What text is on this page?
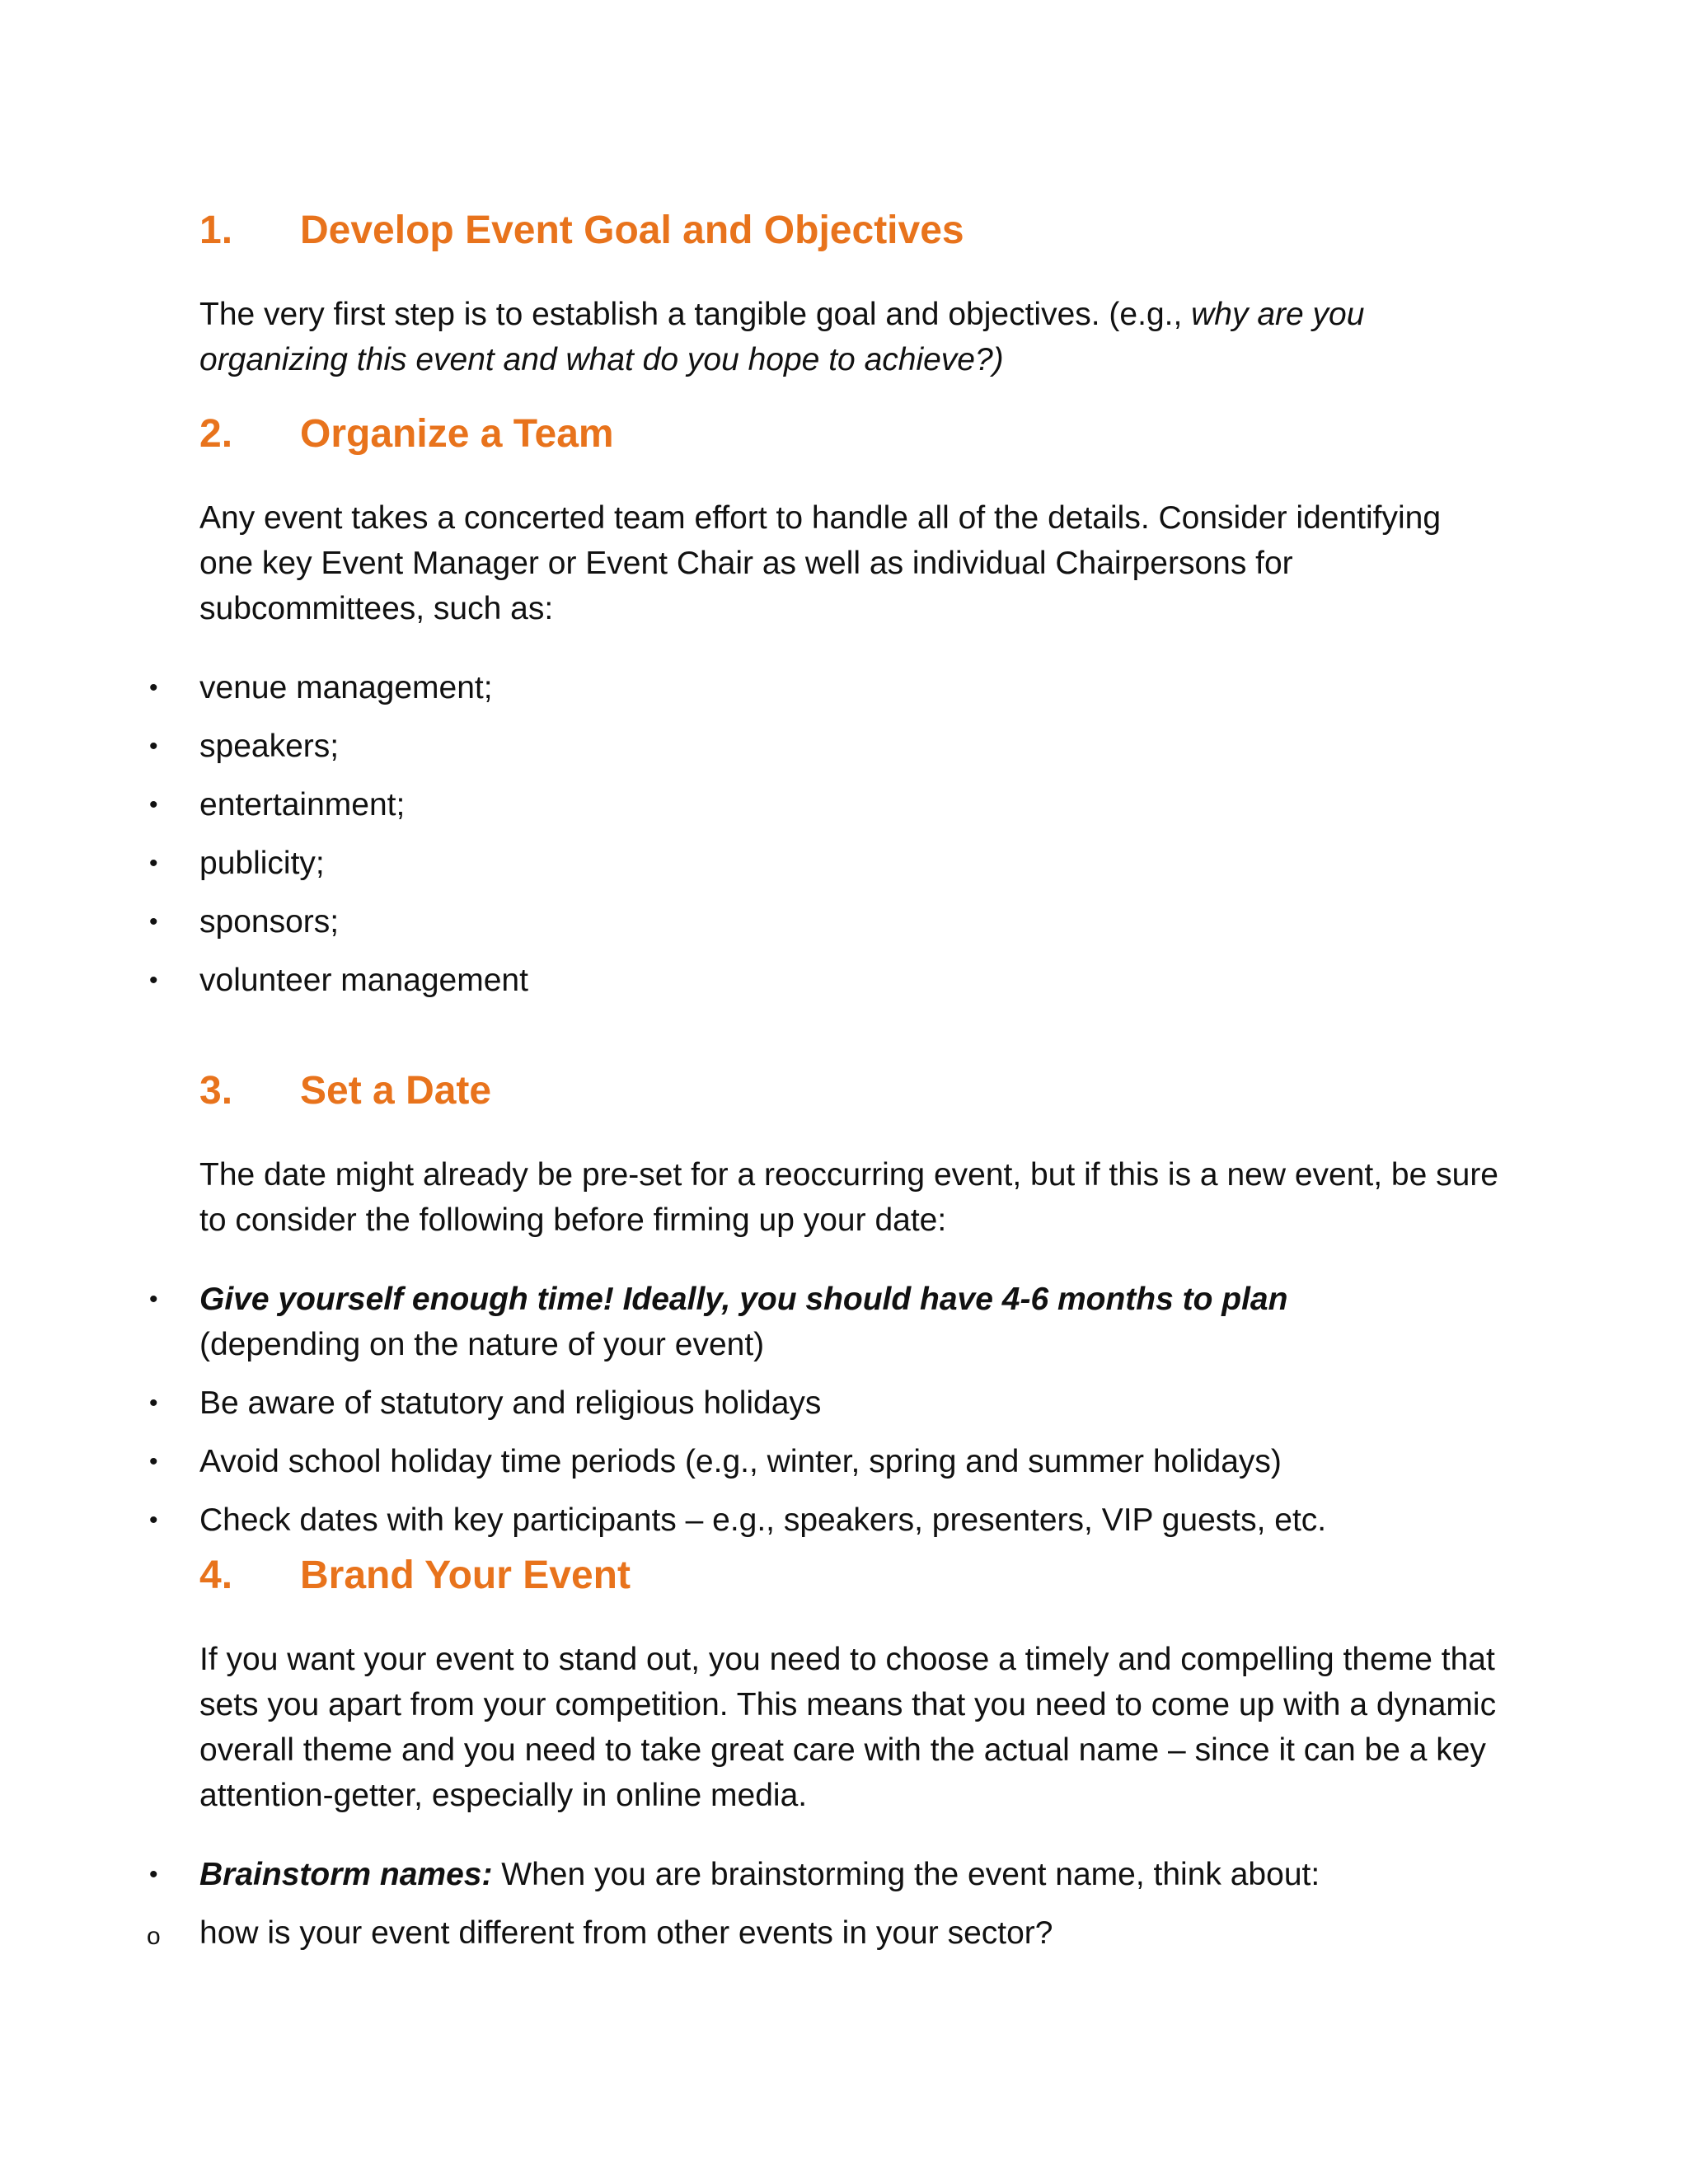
1. Develop Event Goal and Objectives

The very first step is to establish a tangible goal and objectives. (e.g., why are you organizing this event and what do you hope to achieve?)

2. Organize a Team

Any event takes a concerted team effort to handle all of the details. Consider identifying one key Event Manager or Event Chair as well as individual Chairpersons for subcommittees, such as:

• venue management;
• speakers;
• entertainment;
• publicity;
• sponsors;
• volunteer management
3. Set a Date

The date might already be pre-set for a reoccurring event, but if this is a new event, be sure to consider the following before firming up your date:

• Give yourself enough time! Ideally, you should have 4-6 months to plan (depending on the nature of your event)
• Be aware of statutory and religious holidays
• Avoid school holiday time periods (e.g., winter, spring and summer holidays)
• Check dates with key participants – e.g., speakers, presenters, VIP guests, etc.
4. Brand Your Event

If you want your event to stand out, you need to choose a timely and compelling theme that sets you apart from your competition. This means that you need to come up with a dynamic overall theme and you need to take great care with the actual name – since it can be a key attention-getter, especially in online media.

• Brainstorm names: When you are brainstorming the event name, think about:
o how is your event different from other events in your sector?
